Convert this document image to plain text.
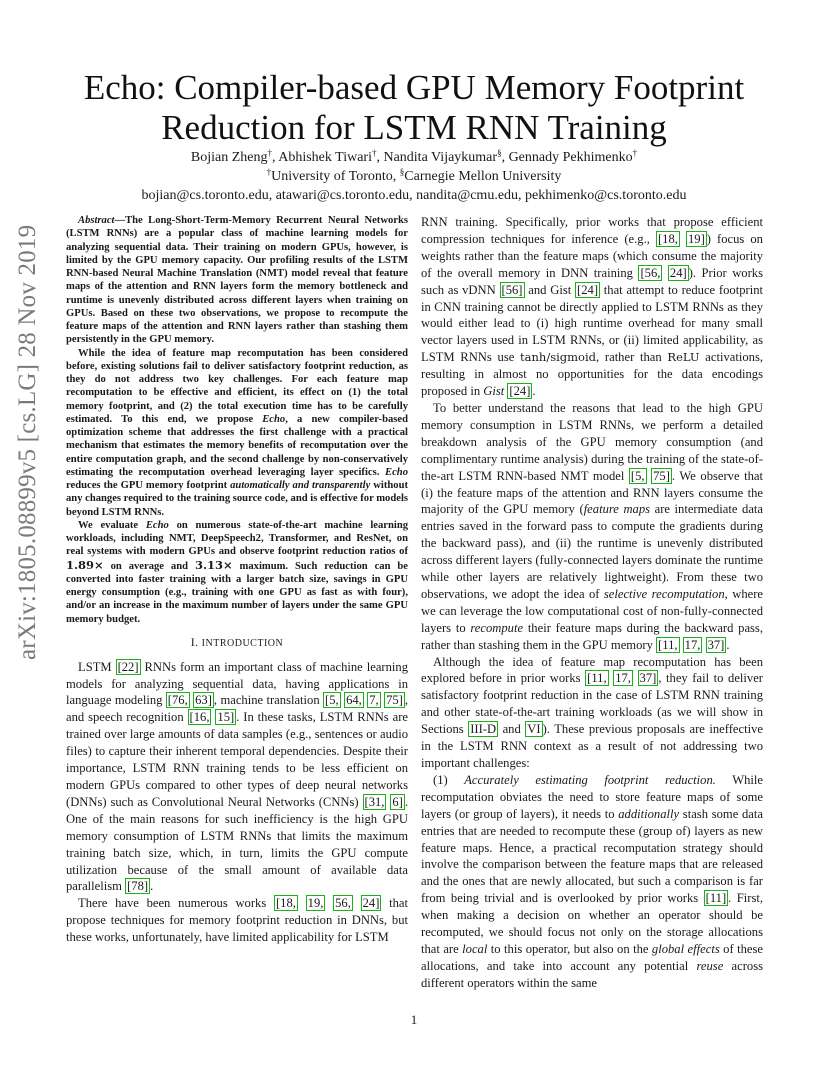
arXiv:1805.08899v5 [cs.LG] 28 Nov 2019
Echo: Compiler-based GPU Memory Footprint
Reduction for LSTM RNN Training
Bojian Zheng†, Abhishek Tiwari†, Nandita Vijaykumar§, Gennady Pekhimenko†
†University of Toronto, §Carnegie Mellon University
bojian@cs.toronto.edu, atawari@cs.toronto.edu, nandita@cmu.edu, pekhimenko@cs.toronto.edu

Abstract—The Long-Short-Term-Memory Recurrent Neural Networks (LSTM RNNs) are a popular class of machine learning models for analyzing sequential data. Their training on modern GPUs, however, is limited by the GPU memory capacity. Our profiling results of the LSTM RNN-based Neural Machine Translation (NMT) model reveal that feature maps of the attention and RNN layers form the memory bottleneck and runtime is unevenly distributed across different layers when training on GPUs. Based on these two observations, we propose to recompute the feature maps of the attention and RNN layers rather than stashing them persistently in the GPU memory.

While the idea of feature map recomputation has been considered before, existing solutions fail to deliver satisfactory footprint reduction, as they do not address two key challenges. For each feature map recomputation to be effective and efficient, its effect on (1) the total memory footprint, and (2) the total execution time has to be carefully estimated. To this end, we propose Echo, a new compiler-based optimization scheme that addresses the first challenge with a practical mechanism that estimates the memory benefits of recomputation over the entire computation graph, and the second challenge by non-conservatively estimating the recomputation overhead leveraging layer specifics. Echo reduces the GPU memory footprint automatically and transparently without any changes required to the training source code, and is effective for models beyond LSTM RNNs.

We evaluate Echo on numerous state-of-the-art machine learning workloads, including NMT, DeepSpeech2, Transformer, and ResNet, on real systems with modern GPUs and observe footprint reduction ratios of 1.89× on average and 3.13× maximum. Such reduction can be converted into faster training with a larger batch size, savings in GPU energy consumption (e.g., training with one GPU as fast as with four), and/or an increase in the maximum number of layers under the same GPU memory budget.

I. INTRODUCTION

LSTM [22] RNNs form an important class of machine learning models for analyzing sequential data, having applications in language modeling [76, 63] , machine translation [5, 64, 7, 75] , and speech recognition [16, 15] . In these tasks, LSTM RNNs are trained over large amounts of data samples (e.g., sentences or audio files) to capture their inherent temporal dependencies. Despite their importance, LSTM RNN training tends to be less efficient on modern GPUs compared to other types of deep neural networks (DNNs) such as Convolutional Neural Networks (CNNs) [31, 6] . One of the main reasons for such inefficiency is the high GPU memory consumption of LSTM RNNs that limits the maximum training batch size, which, in turn, limits the GPU compute utilization because of the small amount of available data parallelism [78] .

There have been numerous works [18, 19, 56, 24] that propose techniques for memory footprint reduction in DNNs, but these works, unfortunately, have limited applicability for LSTM

RNN training. Specifically, prior works that propose efficient compression techniques for inference (e.g., [18, 19] ) focus on weights rather than the feature maps (which consume the majority of the overall memory in DNN training [56, 24] ). Prior works such as vDNN [56] and Gist [24] that attempt to reduce footprint in CNN training cannot be directly applied to LSTM RNNs as they would either lead to (i) high runtime overhead for many small vector layers used in LSTM RNNs, or (ii) limited applicability, as LSTM RNNs use tanh/sigmoid, rather than ReLU activations, resulting in almost no opportunities for the data encodings proposed in Gist [24] .

To better understand the reasons that lead to the high GPU memory consumption in LSTM RNNs, we perform a detailed breakdown analysis of the GPU memory consumption (and complimentary runtime analysis) during the training of the state-of-the-art LSTM RNN-based NMT model [5, 75] . We observe that (i) the feature maps of the attention and RNN layers consume the majority of the GPU memory (feature maps are intermediate data entries saved in the forward pass to compute the gradients during the backward pass), and (ii) the runtime is unevenly distributed across different layers (fully-connected layers dominate the runtime while other layers are relatively lightweight). From these two observations, we adopt the idea of selective recomputation, where we can leverage the low computational cost of non-fully-connected layers to recompute their feature maps during the backward pass, rather than stashing them in the GPU memory [11, 17, 37] .

Although the idea of feature map recomputation has been explored before in prior works [11, 17, 37] , they fail to deliver satisfactory footprint reduction in the case of LSTM RNN training and other state-of-the-art training workloads (as we will show in Sections III-D and VI ). These previous proposals are ineffective in the LSTM RNN context as a result of not addressing two important challenges:

(1) Accurately estimating footprint reduction. While recomputation obviates the need to store feature maps of some layers (or group of layers), it needs to additionally stash some data entries that are needed to recompute these (group of) layers as new feature maps. Hence, a practical recomputation strategy should involve the comparison between the feature maps that are released and the ones that are newly allocated, but such a comparison is far from being trivial and is overlooked by prior works [11] . First, when making a decision on whether an operator should be recomputed, we should focus not only on the storage allocations that are local to this operator, but also on the global effects of these allocations, and take into account any potential reuse across different operators within the same

1
